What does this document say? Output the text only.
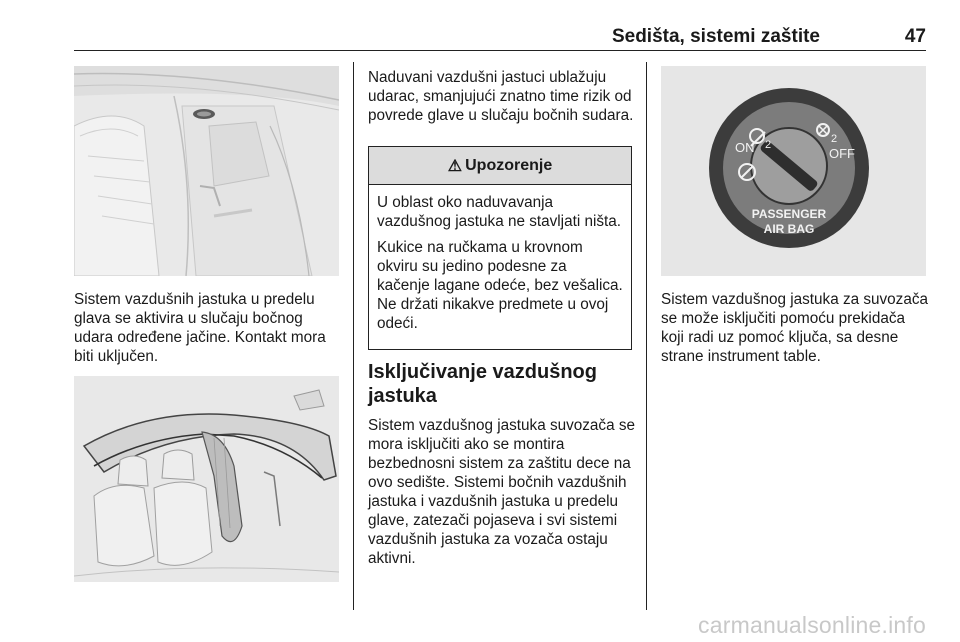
Sedišta, sistemi zaštite	47

Sistem vazdušnih jastuka u predelu glava se aktivira u slučaju bočnog udara određene jačine. Kontakt mora biti uključen.

Naduvani vazdušni jastuci ublažuju udarac, smanjujući znatno time rizik od povrede glave u slučaju bočnih sudara.

⚠ Upozorenje

U oblast oko naduvavanja vazdušnog jastuka ne stavljati ništa.

Kukice na ručkama u krovnom okviru su jedino podesne za kačenje lagane odeće, bez vešalica. Ne držati nikakve predmete u ovoj odeći.

Isključivanje vazdušnog jastuka

Sistem vazdušnog jastuka suvozača se mora isključiti ako se montira bezbednosni sistem za zaštitu dece na ovo sedište. Sistemi bočnih vazdušnih jastuka i vazdušnih jastuka u predelu glave, zatezači pojaseva i svi sistemi vazdušnih jastuka za vozača ostaju aktivni.

2	2
ON	OFF
PASSENGER
AIR BAG

Sistem vazdušnog jastuka za suvozača se može isključiti pomoću prekidača koji radi uz pomoć ključa, sa desne strane instrument table.

carmanualsonline.info
